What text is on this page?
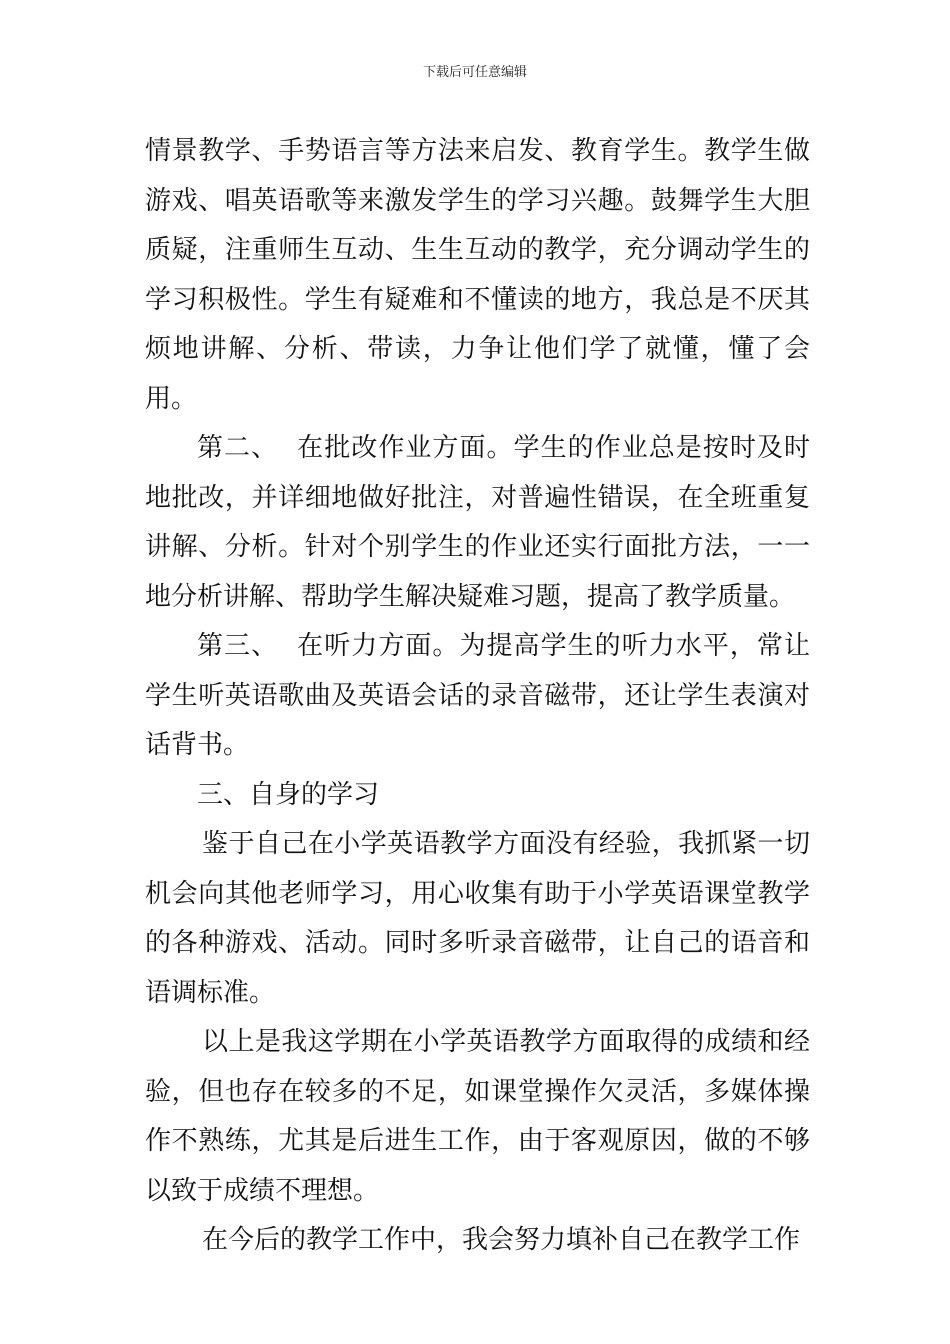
下载后可任意编辑

情景教学、手势语言等方法来启发、教育学生。教学生做游戏、唱英语歌等来激发学生的学习兴趣。鼓舞学生大胆质疑，注重师生互动、生生互动的教学，充分调动学生的学习积极性。学生有疑难和不懂读的地方，我总是不厌其烦地讲解、分析、带读，力争让他们学了就懂，懂了会用。

第二、 在批改作业方面。学生的作业总是按时及时地批改，并详细地做好批注，对普遍性错误，在全班重复讲解、分析。针对个别学生的作业还实行面批方法，一一地分析讲解、帮助学生解决疑难习题，提高了教学质量。

第三、 在听力方面。为提高学生的听力水平，常让学生听英语歌曲及英语会话的录音磁带，还让学生表演对话背书。

三、自身的学习

鉴于自己在小学英语教学方面没有经验，我抓紧一切机会向其他老师学习，用心收集有助于小学英语课堂教学的各种游戏、活动。同时多听录音磁带，让自己的语音和语调标准。

以上是我这学期在小学英语教学方面取得的成绩和经验，但也存在较多的不足，如课堂操作欠灵活，多媒体操作不熟练，尤其是后进生工作，由于客观原因，做的不够以致于成绩不理想。

在今后的教学工作中，我会努力填补自己在教学工作
